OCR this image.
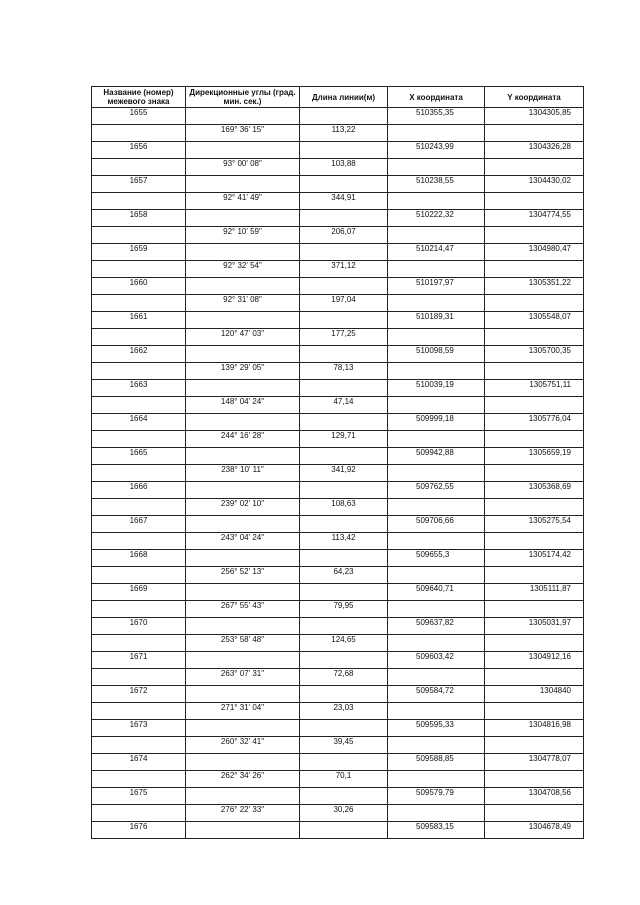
Название (номер) межевого знака	Дирекционные углы (град. мин. сек.)	Длина линии(м)	X координата	Y координата
1655			510355,35	1304305,85
	169° 36' 15"	113,22		
1656			510243,99	1304326,28
	93° 00' 08"	103,88		
1657			510238,55	1304430,02
	92° 41' 49"	344,91		
1658			510222,32	1304774,55
	92° 10' 59"	206,07		
1659			510214,47	1304980,47
	92° 32' 54"	371,12		
1660			510197,97	1305351,22
	92° 31' 08"	197,04		
1661			510189,31	1305548,07
	120° 47' 03"	177,25		
1662			510098,59	1305700,35
	139° 29' 05"	78,13		
1663			510039,19	1305751,11
	148° 04' 24"	47,14		
1664			509999,18	1305776,04
	244° 16' 28"	129,71		
1665			509942,88	1305659,19
	238° 10' 11"	341,92		
1666			509762,55	1305368,69
	239° 02' 10"	108,63		
1667			509706,66	1305275,54
	243° 04' 24"	113,42		
1668			509655,3	1305174,42
	256° 52' 13"	64,23		
1669			509640,71	1305111,87
	267° 55' 43"	79,95		
1670			509637,82	1305031,97
	253° 58' 48"	124,65		
1671			509603,42	1304912,16
	263° 07' 31"	72,68		
1672			509584,72	1304840
	271° 31' 04"	23,03		
1673			509595,33	1304816,98
	260° 32' 41"	39,45		
1674			509588,85	1304778,07
	262° 34' 26"	70,1		
1675			509579,79	1304708,56
	276° 22' 33"	30,26		
1676			509583,15	1304678,49
